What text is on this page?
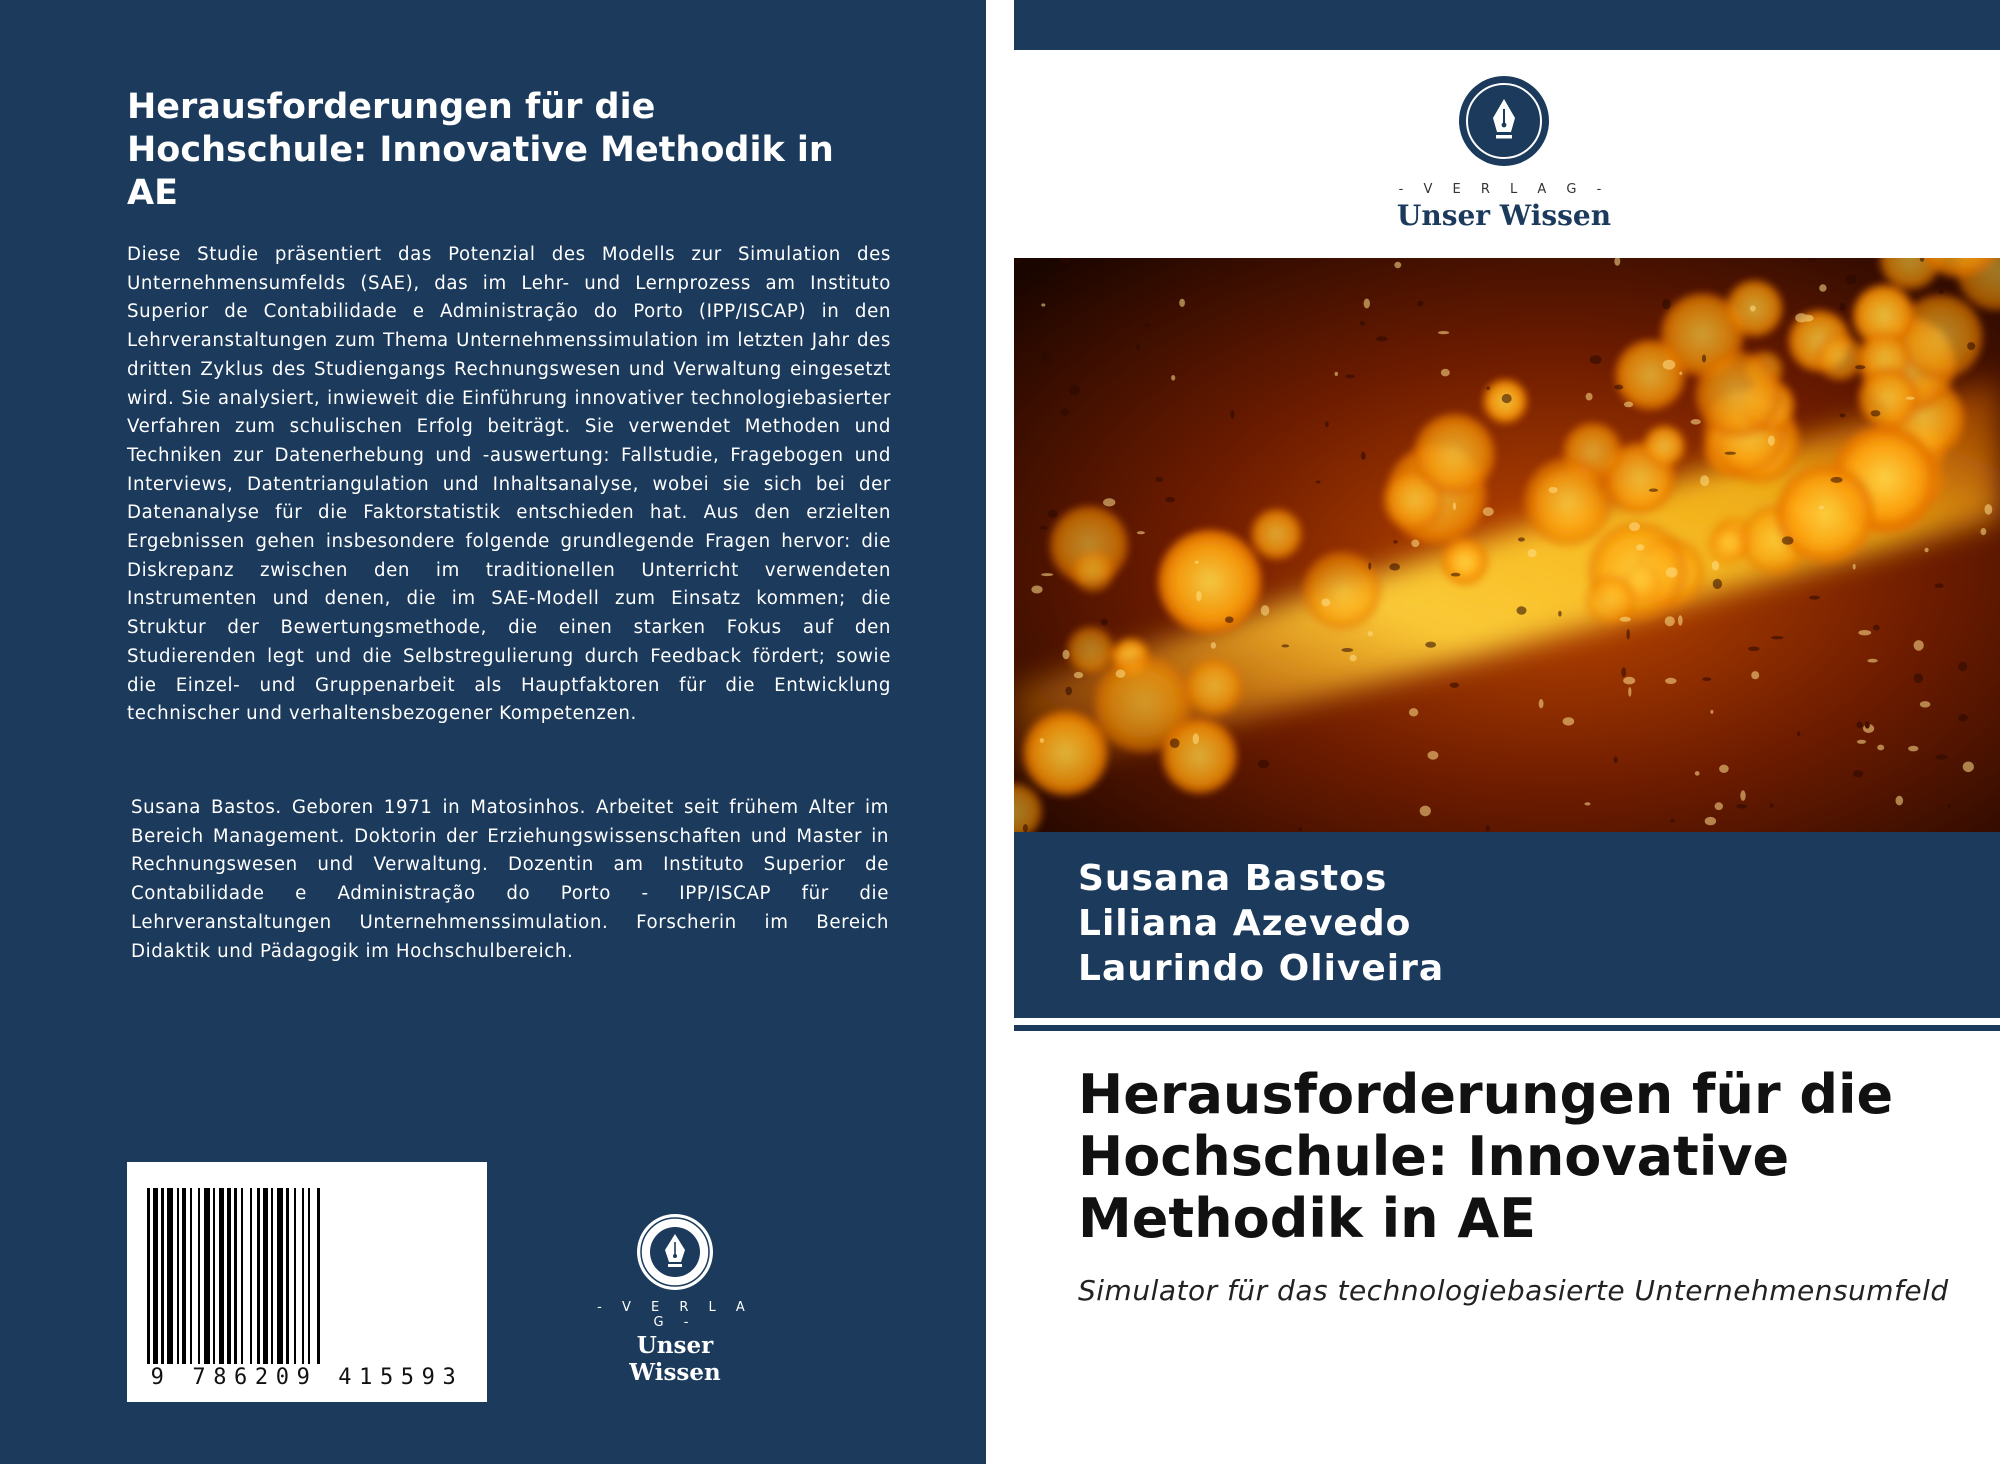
Herausforderungen für die Hochschule: Innovative Methodik in AE

Diese Studie präsentiert das Potenzial des Modells zur Simulation des Unternehmensumfelds (SAE), das im Lehr- und Lernprozess am Instituto Superior de Contabilidade e Administração do Porto (IPP/ISCAP) in den Lehrveranstaltungen zum Thema Unternehmenssimulation im letzten Jahr des dritten Zyklus des Studiengangs Rechnungswesen und Verwaltung eingesetzt wird. Sie analysiert, inwieweit die Einführung innovativer technologiebasierter Verfahren zum schulischen Erfolg beiträgt. Sie verwendet Methoden und Techniken zur Datenerhebung und -auswertung: Fallstudie, Fragebogen und Interviews, Datentriangulation und Inhaltsanalyse, wobei sie sich bei der Datenanalyse für die Faktorstatistik entschieden hat. Aus den erzielten Ergebnissen gehen insbesondere folgende grundlegende Fragen hervor: die Diskrepanz zwischen den im traditionellen Unterricht verwendeten Instrumenten und denen, die im SAE-Modell zum Einsatz kommen; die Struktur der Bewertungsmethode, die einen starken Fokus auf den Studierenden legt und die Selbstregulierung durch Feedback fördert; sowie die Einzel- und Gruppenarbeit als Hauptfaktoren für die Entwicklung technischer und verhaltensbezogener Kompetenzen.

Susana Bastos. Geboren 1971 in Matosinhos. Arbeitet seit frühem Alter im Bereich Management. Doktorin der Erziehungswissenschaften und Master in Rechnungswesen und Verwaltung. Dozentin am Instituto Superior de Contabilidade e Administração do Porto - IPP/ISCAP für die Lehrveranstaltungen Unternehmenssimulation. Forscherin im Bereich Didaktik und Pädagogik im Hochschulbereich.

9 786209 415593
- V E R L A G -
Unser Wissen
- V E R L A G -
Unser Wissen

Susana Bastos

Liliana Azevedo

Laurindo Oliveira

Herausforderungen für die Hochschule: Innovative Methodik in AE

Simulator für das technologiebasierte Unternehmensumfeld
